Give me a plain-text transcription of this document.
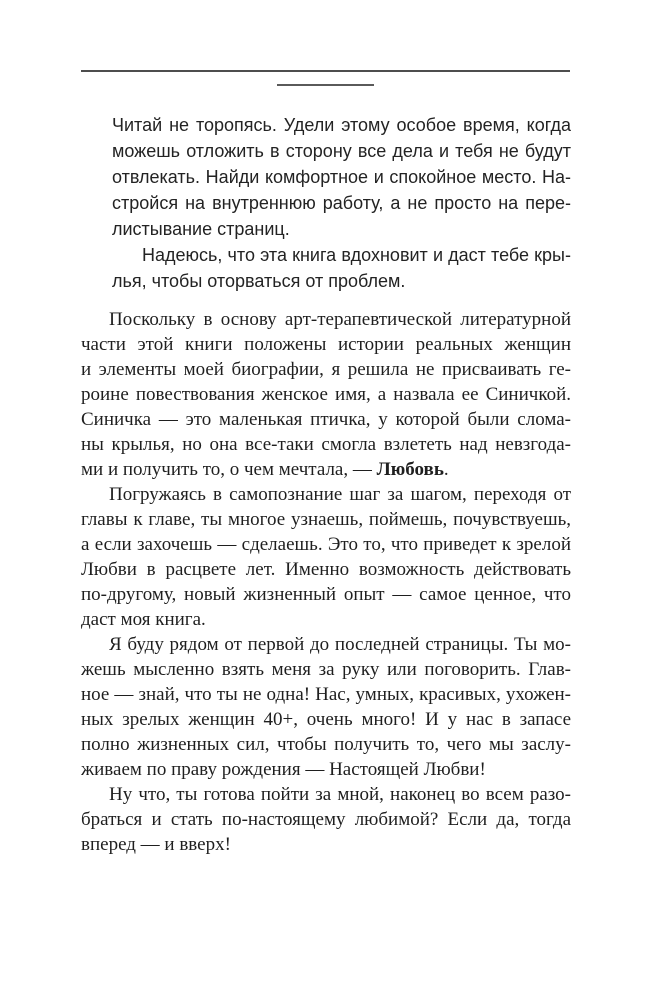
Читай не торопясь. Удели этому особое время, когда
можешь отложить в сторону все дела и тебя не будут
отвлекать. Найди комфортное и спокойное место. На-
стройся на внутреннюю работу, а не просто на пере-
листывание страниц.
Надеюсь, что эта книга вдохновит и даст тебе кры-
лья, чтобы оторваться от проблем.
Поскольку в основу арт-терапевтической литературной
части этой книги положены истории реальных женщин
и элементы моей биографии, я решила не присваивать ге-
роине повествования женское имя, а назвала ее Синичкой.
Синичка — это маленькая птичка, у которой были слома-
ны крылья, но она все-таки смогла взлететь над невзгода-
ми и получить то, о чем мечтала, — Любовь.
Погружаясь в самопознание шаг за шагом, переходя от
главы к главе, ты многое узнаешь, поймешь, почувствуешь,
а если захочешь — сделаешь. Это то, что приведет к зрелой
Любви в расцвете лет. Именно возможность действовать
по-другому, новый жизненный опыт — самое ценное, что
даст моя книга.
Я буду рядом от первой до последней страницы. Ты мо-
жешь мысленно взять меня за руку или поговорить. Глав-
ное — знай, что ты не одна! Нас, умных, красивых, ухожен-
ных зрелых женщин 40+, очень много! И у нас в запасе
полно жизненных сил, чтобы получить то, чего мы заслу-
живаем по праву рождения — Настоящей Любви!
Ну что, ты готова пойти за мной, наконец во всем разо-
браться и стать по-настоящему любимой? Если да, тогда
вперед — и вверх!
